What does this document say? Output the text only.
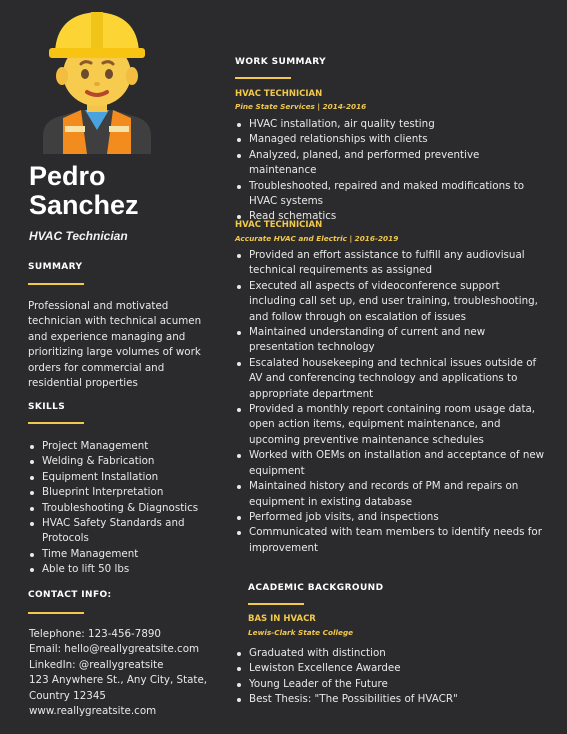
Pedro
Sanchez
HVAC Technician
SUMMARY

Professional and motivated technician with technical acumen and experience managing and prioritizing large volumes of work orders for commercial and residential properties

SKILLS
Project Management
Welding & Fabrication
Equipment Installation
Blueprint Interpretation
Troubleshooting & Diagnostics
HVAC Safety Standards and Protocols
Time Management
Able to lift 50 lbs
CONTACT INFO:
Telephone: 123-456-7890
Email: hello@reallygreatsite.com
LinkedIn: @reallygreatsite
123 Anywhere St., Any City, State, Country 12345
www.reallygreatsite.com
WORK SUMMARY
HVAC TECHNICIAN
Pine State Services | 2014-2016
HVAC installation, air quality testing
Managed relationships with clients
Analyzed, planed, and performed preventive maintenance
Troubleshooted, repaired and maked modifications to HVAC systems
Read schematics
HVAC TECHNICIAN
Accurate HVAC and Electric | 2016-2019
Provided an effort assistance to fulfill any audiovisual technical requirements as assigned
Executed all aspects of videoconference support including call set up, end user training, troubleshooting, and follow through on escalation of issues
Maintained understanding of current and new presentation technology
Escalated housekeeping and technical issues outside of AV and conferencing technology and applications to appropriate department
Provided a monthly report containing room usage data, open action items, equipment maintenance, and upcoming preventive maintenance schedules
Worked with OEMs on installation and acceptance of new equipment
Maintained history and records of PM and repairs on equipment in existing database
Performed job visits, and inspections
Communicated with team members to identify needs for improvement
ACADEMIC BACKGROUND
BAS IN HVACR
Lewis-Clark State College
Graduated with distinction
Lewiston Excellence Awardee
Young Leader of the Future
Best Thesis: "The Possibilities of HVACR"
